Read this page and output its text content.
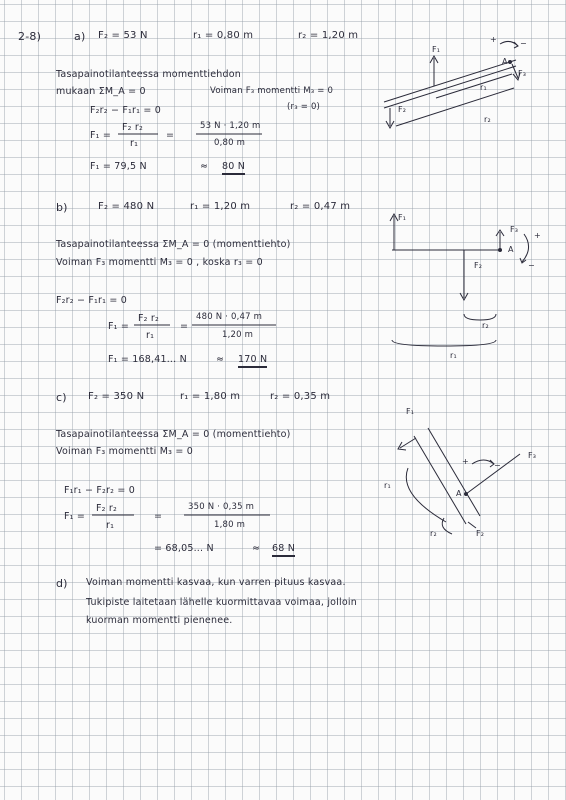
2-8)	a) F₂ = 53 N	r₁ = 0,80 m	r₂ = 1,20 m
Tasapainotilanteessa momenttiehdon
mukaan ΣM_A = 0	Voiman F₃ momentti M₃ = 0
(r₃ = 0)
F₂r₂ − F₁r₁ = 0
F₁ =
F₂ r₂
r₁
=
53 N · 1,20 m
0,80 m
F₁ = 79,5 N	≈ 80 N
F₁
F₂
F₃
A
r₁
r₂
+	−
b)	F₂ = 480 N	r₁ = 1,20 m	r₂ = 0,47 m
Tasapainotilanteessa ΣM_A = 0 (momenttiehto)
Voiman F₃ momentti M₃ = 0 , koska r₃ = 0
F₂r₂ − F₁r₁ = 0
F₁ =
F₂ r₂
r₁
=
480 N · 0,47 m
1,20 m
F₁ = 168,41... N	≈ 170 N
F₁
F₂
F₃
A
r₂
r₁
+
−
c) F₂ = 350 N	r₁ = 1,80 m	r₂ = 0,35 m
Tasapainotilanteessa ΣM_A = 0 (momenttiehto)
Voiman F₃ momentti M₃ = 0
F₁r₁ − F₂r₂ = 0
F₁ =
F₂ r₂
r₁
=
350 N · 0,35 m
1,80 m
= 68,05... N	≈ 68 N
F₁
F₂
F₃
A
r₁
r₂
+	−
d) Voiman momentti kasvaa, kun varren pituus kasvaa.
Tukipiste laitetaan lähelle kuormittavaa voimaa, jolloin
kuorman momentti pienenee.
